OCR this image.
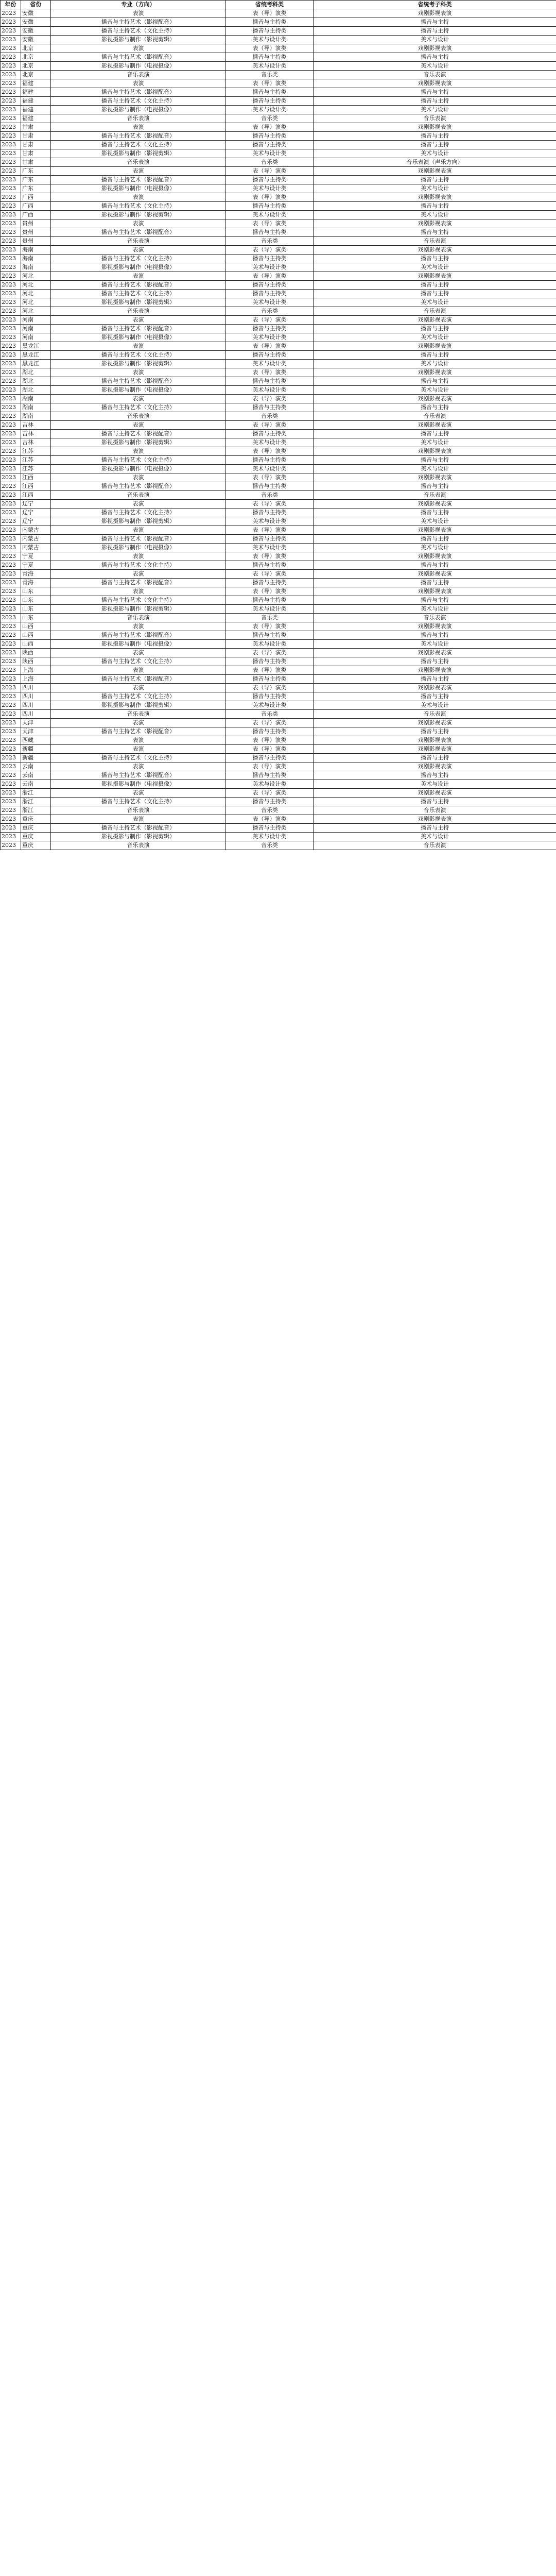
年份	省份	专业（方向）	省统考科类	省统考子科类
2023	安徽	表演	表（导）演类	戏剧影视表演
2023	安徽	播音与主持艺术（影视配音）	播音与主持类	播音与主持
2023	安徽	播音与主持艺术（文化主持）	播音与主持类	播音与主持
2023	安徽	影视摄影与制作（影视剪辑）	美术与设计类	美术与设计
2023	北京	表演	表（导）演类	戏剧影视表演
2023	北京	播音与主持艺术（影视配音）	播音与主持类	播音与主持
2023	北京	影视摄影与制作（电视摄像）	美术与设计类	美术与设计
2023	北京	音乐表演	音乐类	音乐表演
2023	福建	表演	表（导）演类	戏剧影视表演
2023	福建	播音与主持艺术（影视配音）	播音与主持类	播音与主持
2023	福建	播音与主持艺术（文化主持）	播音与主持类	播音与主持
2023	福建	影视摄影与制作（电视摄像）	美术与设计类	美术与设计
2023	福建	音乐表演	音乐类	音乐表演
2023	甘肃	表演	表（导）演类	戏剧影视表演
2023	甘肃	播音与主持艺术（影视配音）	播音与主持类	播音与主持
2023	甘肃	播音与主持艺术（文化主持）	播音与主持类	播音与主持
2023	甘肃	影视摄影与制作（影视剪辑）	美术与设计类	美术与设计
2023	甘肃	音乐表演	音乐类	音乐表演（声乐方向）
2023	广东	表演	表（导）演类	戏剧影视表演
2023	广东	播音与主持艺术（影视配音）	播音与主持类	播音与主持
2023	广东	影视摄影与制作（电视摄像）	美术与设计类	美术与设计
2023	广西	表演	表（导）演类	戏剧影视表演
2023	广西	播音与主持艺术（文化主持）	播音与主持类	播音与主持
2023	广西	影视摄影与制作（影视剪辑）	美术与设计类	美术与设计
2023	贵州	表演	表（导）演类	戏剧影视表演
2023	贵州	播音与主持艺术（影视配音）	播音与主持类	播音与主持
2023	贵州	音乐表演	音乐类	音乐表演
2023	海南	表演	表（导）演类	戏剧影视表演
2023	海南	播音与主持艺术（文化主持）	播音与主持类	播音与主持
2023	海南	影视摄影与制作（电视摄像）	美术与设计类	美术与设计
2023	河北	表演	表（导）演类	戏剧影视表演
2023	河北	播音与主持艺术（影视配音）	播音与主持类	播音与主持
2023	河北	播音与主持艺术（文化主持）	播音与主持类	播音与主持
2023	河北	影视摄影与制作（影视剪辑）	美术与设计类	美术与设计
2023	河北	音乐表演	音乐类	音乐表演
2023	河南	表演	表（导）演类	戏剧影视表演
2023	河南	播音与主持艺术（影视配音）	播音与主持类	播音与主持
2023	河南	影视摄影与制作（电视摄像）	美术与设计类	美术与设计
2023	黑龙江	表演	表（导）演类	戏剧影视表演
2023	黑龙江	播音与主持艺术（文化主持）	播音与主持类	播音与主持
2023	黑龙江	影视摄影与制作（影视剪辑）	美术与设计类	美术与设计
2023	湖北	表演	表（导）演类	戏剧影视表演
2023	湖北	播音与主持艺术（影视配音）	播音与主持类	播音与主持
2023	湖北	影视摄影与制作（电视摄像）	美术与设计类	美术与设计
2023	湖南	表演	表（导）演类	戏剧影视表演
2023	湖南	播音与主持艺术（文化主持）	播音与主持类	播音与主持
2023	湖南	音乐表演	音乐类	音乐表演
2023	吉林	表演	表（导）演类	戏剧影视表演
2023	吉林	播音与主持艺术（影视配音）	播音与主持类	播音与主持
2023	吉林	影视摄影与制作（影视剪辑）	美术与设计类	美术与设计
2023	江苏	表演	表（导）演类	戏剧影视表演
2023	江苏	播音与主持艺术（文化主持）	播音与主持类	播音与主持
2023	江苏	影视摄影与制作（电视摄像）	美术与设计类	美术与设计
2023	江西	表演	表（导）演类	戏剧影视表演
2023	江西	播音与主持艺术（影视配音）	播音与主持类	播音与主持
2023	江西	音乐表演	音乐类	音乐表演
2023	辽宁	表演	表（导）演类	戏剧影视表演
2023	辽宁	播音与主持艺术（文化主持）	播音与主持类	播音与主持
2023	辽宁	影视摄影与制作（影视剪辑）	美术与设计类	美术与设计
2023	内蒙古	表演	表（导）演类	戏剧影视表演
2023	内蒙古	播音与主持艺术（影视配音）	播音与主持类	播音与主持
2023	内蒙古	影视摄影与制作（电视摄像）	美术与设计类	美术与设计
2023	宁夏	表演	表（导）演类	戏剧影视表演
2023	宁夏	播音与主持艺术（文化主持）	播音与主持类	播音与主持
2023	青海	表演	表（导）演类	戏剧影视表演
2023	青海	播音与主持艺术（影视配音）	播音与主持类	播音与主持
2023	山东	表演	表（导）演类	戏剧影视表演
2023	山东	播音与主持艺术（文化主持）	播音与主持类	播音与主持
2023	山东	影视摄影与制作（影视剪辑）	美术与设计类	美术与设计
2023	山东	音乐表演	音乐类	音乐表演
2023	山西	表演	表（导）演类	戏剧影视表演
2023	山西	播音与主持艺术（影视配音）	播音与主持类	播音与主持
2023	山西	影视摄影与制作（电视摄像）	美术与设计类	美术与设计
2023	陕西	表演	表（导）演类	戏剧影视表演
2023	陕西	播音与主持艺术（文化主持）	播音与主持类	播音与主持
2023	上海	表演	表（导）演类	戏剧影视表演
2023	上海	播音与主持艺术（影视配音）	播音与主持类	播音与主持
2023	四川	表演	表（导）演类	戏剧影视表演
2023	四川	播音与主持艺术（文化主持）	播音与主持类	播音与主持
2023	四川	影视摄影与制作（影视剪辑）	美术与设计类	美术与设计
2023	四川	音乐表演	音乐类	音乐表演
2023	天津	表演	表（导）演类	戏剧影视表演
2023	天津	播音与主持艺术（影视配音）	播音与主持类	播音与主持
2023	西藏	表演	表（导）演类	戏剧影视表演
2023	新疆	表演	表（导）演类	戏剧影视表演
2023	新疆	播音与主持艺术（文化主持）	播音与主持类	播音与主持
2023	云南	表演	表（导）演类	戏剧影视表演
2023	云南	播音与主持艺术（影视配音）	播音与主持类	播音与主持
2023	云南	影视摄影与制作（电视摄像）	美术与设计类	美术与设计
2023	浙江	表演	表（导）演类	戏剧影视表演
2023	浙江	播音与主持艺术（文化主持）	播音与主持类	播音与主持
2023	浙江	音乐表演	音乐类	音乐表演
2023	重庆	表演	表（导）演类	戏剧影视表演
2023	重庆	播音与主持艺术（影视配音）	播音与主持类	播音与主持
2023	重庆	影视摄影与制作（影视剪辑）	美术与设计类	美术与设计
2023	重庆	音乐表演	音乐类	音乐表演
